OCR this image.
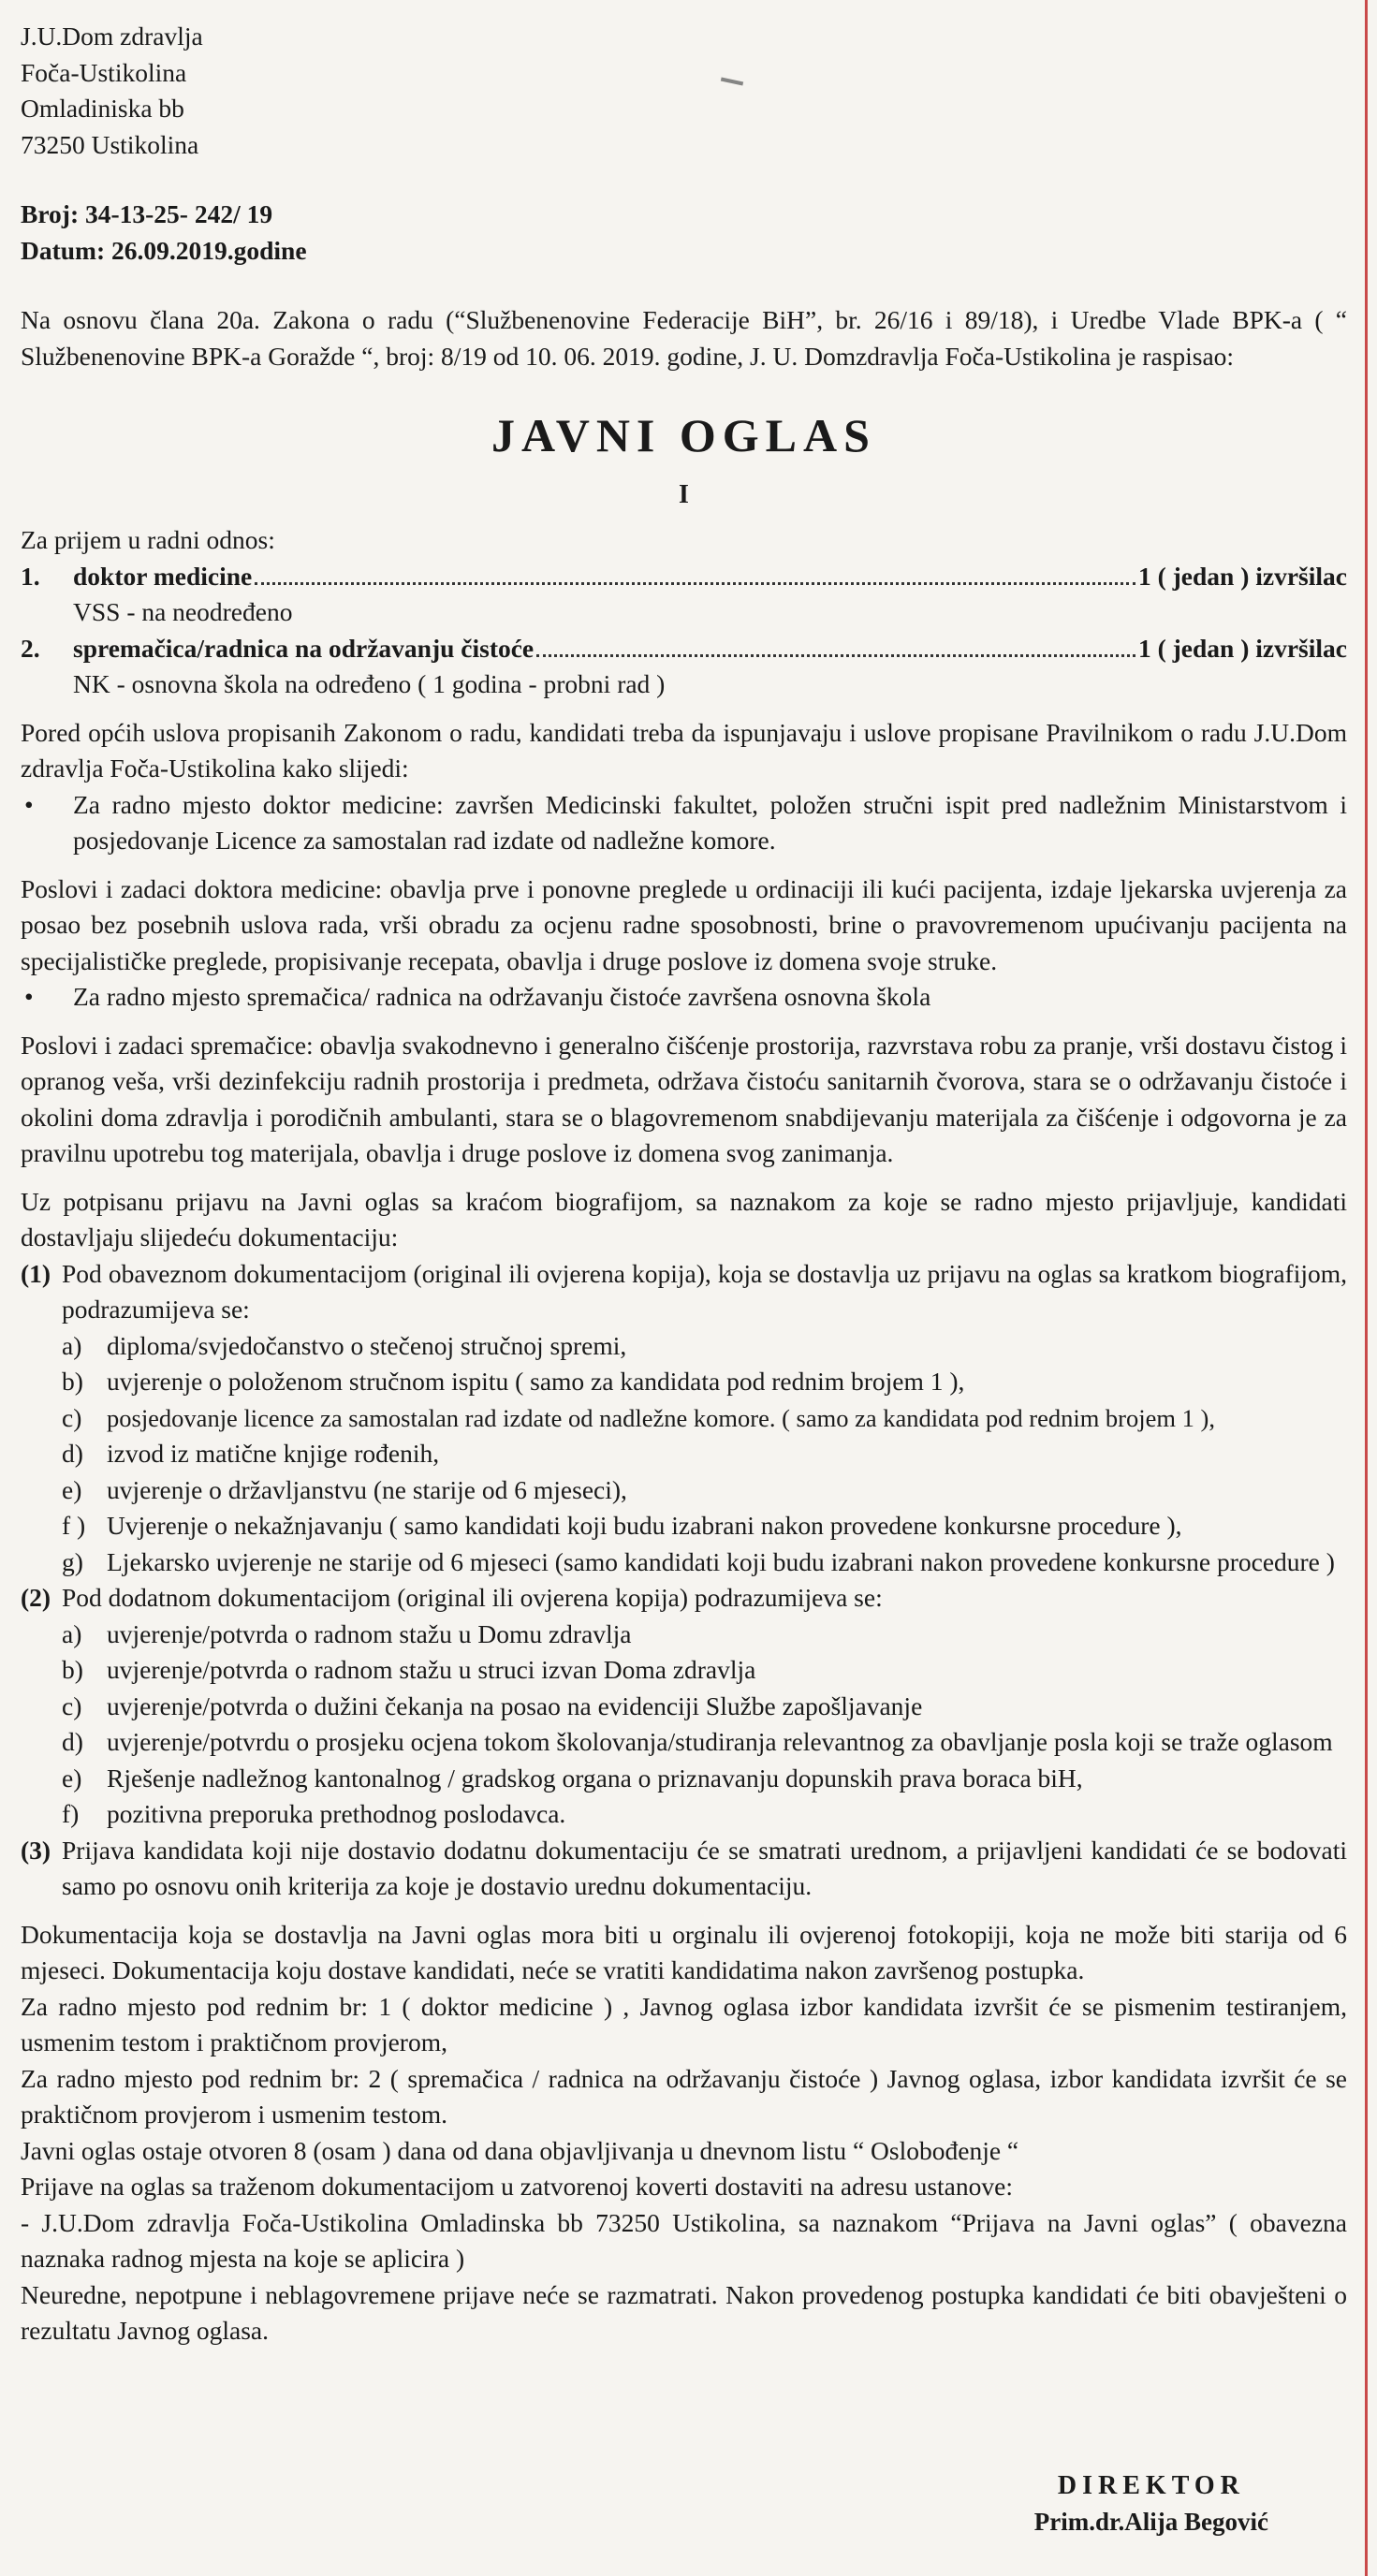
J.U.Dom zdravlja
Foča-Ustikolina
Omladiniska bb
73250 Ustikolina
Broj: 34-13-25- 242/ 19
Datum: 26.09.2019.godine

Na osnovu člana 20a. Zakona o radu (“Službenenovine Federacije BiH”, br. 26/16 i 89/18), i Uredbe Vlade BPK-a ( “ Službenenovine BPK-a Goražde “, broj: 8/19 od 10. 06. 2019. godine, J. U. Domzdravlja Foča-Ustikolina je raspisao:

JAVNI OGLAS
I
Za prijem u radni odnos:
1.	doktor medicine	1 ( jedan ) izvršilac
VSS - na neodređeno
2.	spremačica/radnica na održavanju čistoće	1 ( jedan ) izvršilac
NK - osnovna škola na određeno ( 1 godina - probni rad )

Pored općih uslova propisanih Zakonom o radu, kandidati treba da ispunjavaju i uslove propisane Pravilnikom o radu J.U.Dom zdravlja Foča-Ustikolina kako slijedi:

•	Za radno mjesto doktor medicine: završen Medicinski fakultet, položen stručni ispit pred nadležnim Ministarstvom i posjedovanje Licence za samostalan rad izdate od nadležne komore.

Poslovi i zadaci doktora medicine: obavlja prve i ponovne preglede u ordinaciji ili kući pacijenta, izdaje ljekarska uvjerenja za posao bez posebnih uslova rada, vrši obradu za ocjenu radne sposobnosti, brine o pravovremenom upućivanju pacijenta na specijalističke preglede, propisivanje recepata, obavlja i druge poslove iz domena svoje struke.

•	Za radno mjesto spremačica/ radnica na održavanju čistoće završena osnovna škola

Poslovi i zadaci spremačice: obavlja svakodnevno i generalno čišćenje prostorija, razvrstava robu za pranje, vrši dostavu čistog i opranog veša, vrši dezinfekciju radnih prostorija i predmeta, održava čistoću sanitarnih čvorova, stara se o održavanju čistoće i okolini doma zdravlja i porodičnih ambulanti, stara se o blagovremenom snabdijevanju materijala za čišćenje i odgovorna je za pravilnu upotrebu tog materijala, obavlja i druge poslove iz domena svog zanimanja.

Uz potpisanu prijavu na Javni oglas sa kraćom biografijom, sa naznakom za koje se radno mjesto prijavljuje, kandidati dostavljaju slijedeću dokumentaciju:

(1) Pod obaveznom dokumentacijom (original ili ovjerena kopija), koja se dostavlja uz prijavu na oglas sa kratkom biografijom, podrazumijeva se:
a) diploma/svjedočanstvo o stečenoj stručnoj spremi,
b) uvjerenje o položenom stručnom ispitu ( samo za kandidata pod rednim brojem 1 ),
c)	posjedovanje licence za samostalan rad izdate od nadležne komore. ( samo za kandidata pod rednim brojem 1 ),
d) izvod iz matične knjige rođenih,
e) uvjerenje o državljanstvu (ne starije od 6 mjeseci),
f ) Uvjerenje o nekažnjavanju ( samo kandidati koji budu izabrani nakon provedene konkursne procedure ),
g) Ljekarsko uvjerenje ne starije od 6 mjeseci (samo kandidati koji budu izabrani nakon provedene konkursne procedure )
(2) Pod dodatnom dokumentacijom (original ili ovjerena kopija) podrazumijeva se:
a) uvjerenje/potvrda o radnom stažu u Domu zdravlja
b) uvjerenje/potvrda o radnom stažu u struci izvan Doma zdravlja
c) uvjerenje/potvrda o dužini čekanja na posao na evidenciji Službe zapošljavanje
d) uvjerenje/potvrdu o prosjeku ocjena tokom školovanja/studiranja relevantnog za obavljanje posla koji se traže oglasom
e) Rješenje nadležnog kantonalnog / gradskog organa o priznavanju dopunskih prava boraca biH,
f)	pozitivna preporuka prethodnog poslodavca.
(3) Prijava kandidata koji nije dostavio dodatnu dokumentaciju će se smatrati urednom, a prijavljeni kandidati će se bodovati samo po osnovu onih kriterija za koje je dostavio urednu dokumentaciju.

Dokumentacija koja se dostavlja na Javni oglas mora biti u orginalu ili ovjerenoj fotokopiji, koja ne može biti starija od 6 mjeseci. Dokumentacija koju dostave kandidati, neće se vratiti kandidatima nakon završenog postupka.

Za radno mjesto pod rednim br: 1 ( doktor medicine ) , Javnog oglasa izbor kandidata izvršit će se pismenim testiranjem, usmenim testom i praktičnom provjerom,

Za radno mjesto pod rednim br: 2 ( spremačica / radnica na održavanju čistoće ) Javnog oglasa, izbor kandidata izvršit će se praktičnom provjerom i usmenim testom.

Javni oglas ostaje otvoren 8 (osam ) dana od dana objavljivanja u dnevnom listu “ Oslobođenje “

Prijave na oglas sa traženom dokumentacijom u zatvorenoj koverti dostaviti na adresu ustanove:

- J.U.Dom zdravlja Foča-Ustikolina Omladinska bb 73250 Ustikolina, sa naznakom “Prijava na Javni oglas” ( obavezna naznaka radnog mjesta na koje se aplicira )

Neuredne, nepotpune i neblagovremene prijave neće se razmatrati. Nakon provedenog postupka kandidati će biti obavješteni o rezultatu Javnog oglasa.

DIREKTOR
Prim.dr.Alija Begović
